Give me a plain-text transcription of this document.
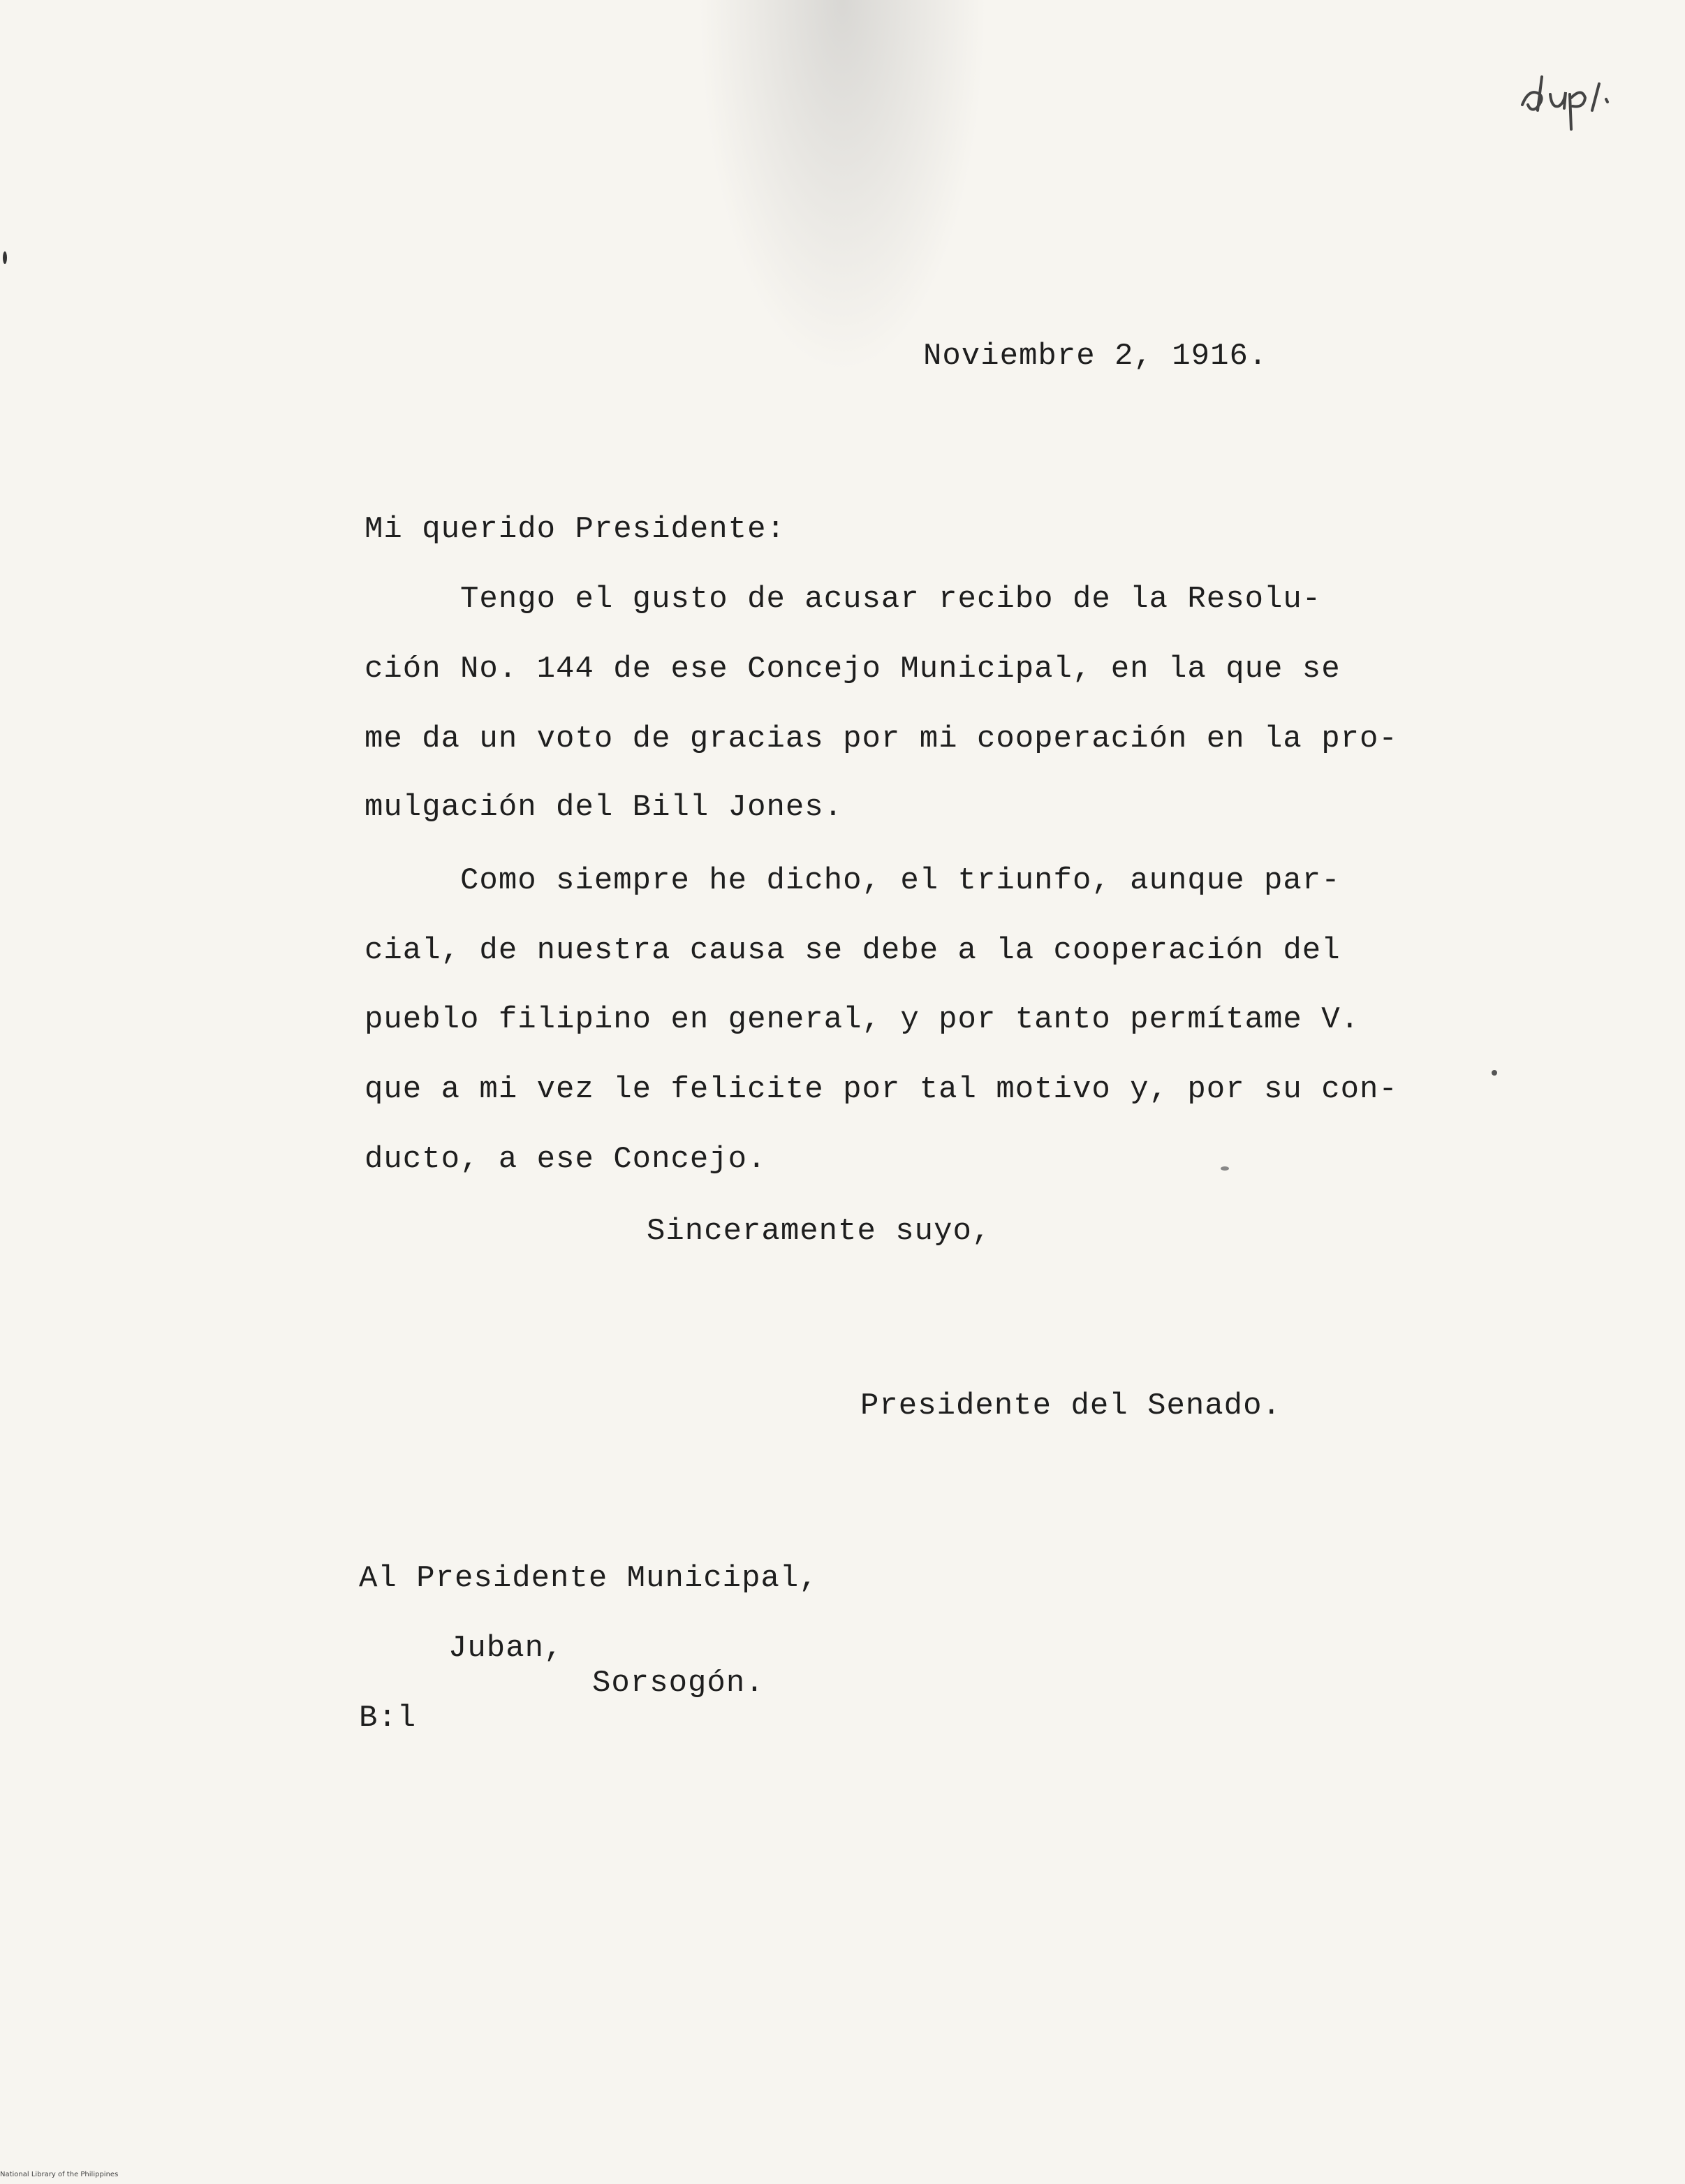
Noviembre 2, 1916.
Mi querido Presidente:
Tengo el gusto de acusar recibo de la Resolu-
ción No. 144 de ese Concejo Municipal, en la que se
me da un voto de gracias por mi cooperación en la pro-
mulgación del Bill Jones.
Como siempre he dicho, el triunfo, aunque par-
cial, de nuestra causa se debe a la cooperación del
pueblo filipino en general, y por tanto permítame V.
que a mi vez le felicite por tal motivo y, por su con-
ducto, a ese Concejo.
Sinceramente suyo,
Presidente del Senado.
Al Presidente Municipal,
Juban,
Sorsogón.
B:l
National Library of the Philippines
